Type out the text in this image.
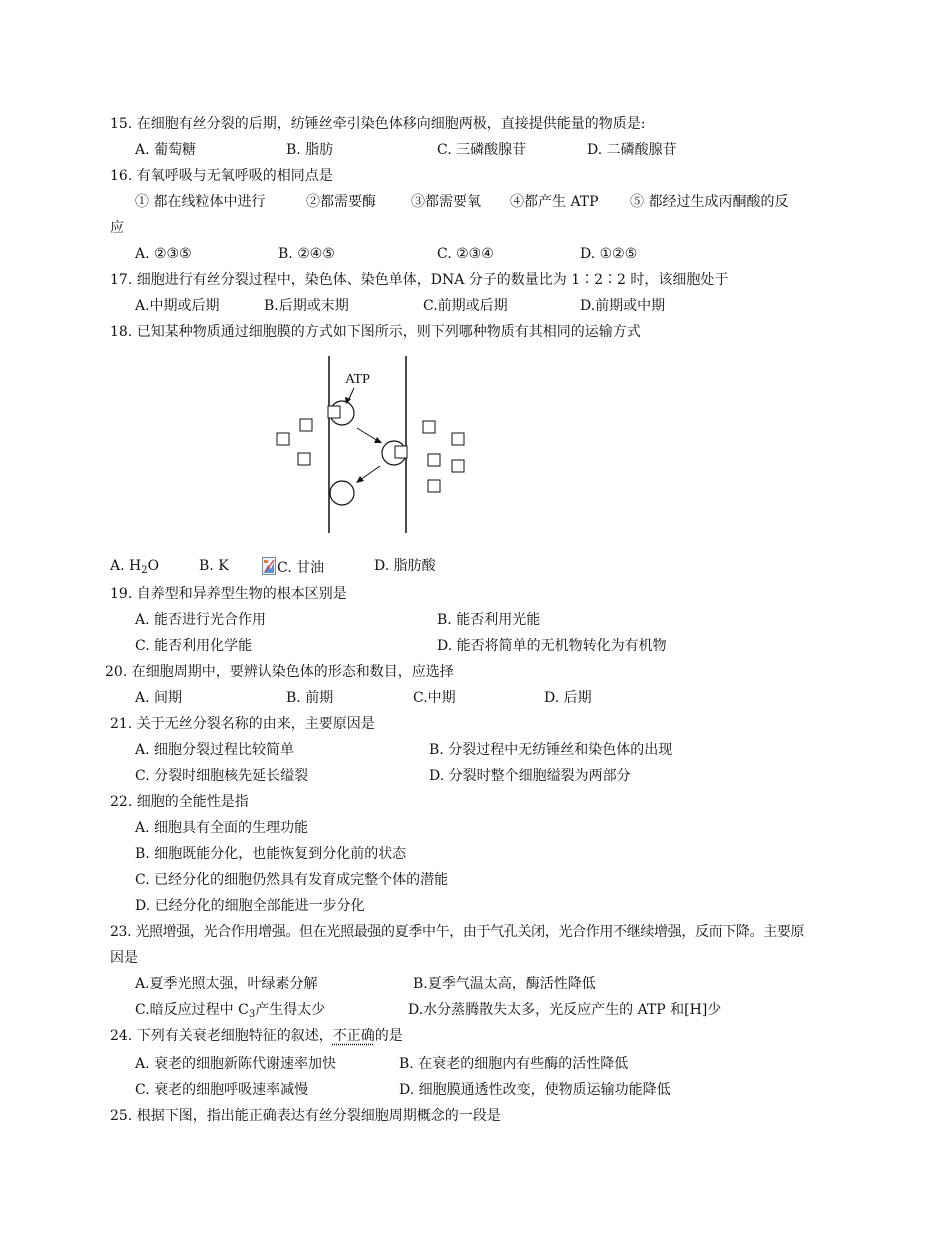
15. 在细胞有丝分裂的后期，纺锤丝牵引染色体移向细胞两极，直接提供能量的物质是:
A. 葡萄糖	B. 脂肪	C. 三磷酸腺苷	D. 二磷酸腺苷
16. 有氧呼吸与无氧呼吸的相同点是
① 都在线粒体中进行	②都需要酶	③都需要氧 ④都产生 ATP ⑤ 都经过生成丙酮酸的反
应
A. ②③⑤	B. ②④⑤	C. ②③④	D. ①②⑤
17. 细胞进行有丝分裂过程中，染色体、染色单体，DNA 分子的数量比为 1∶2∶2 时，该细胞处于
A.中期或后期	B.后期或末期	C.前期或后期	D.前期或中期
18. 已知某种物质通过细胞膜的方式如下图所示，则下列哪种物质有其相同的运输方式
ATP
A. $H_2O$	B. K	C. 甘油	D. 脂肪酸
19. 自养型和异养型生物的根本区别是
A. 能否进行光合作用	B. 能否利用光能
C. 能否利用化学能	D. 能否将简单的无机物转化为有机物
20. 在细胞周期中，要辨认染色体的形态和数目，应选择
A. 间期	B. 前期	C.中期	D. 后期
21. 关于无丝分裂名称的由来，主要原因是
A. 细胞分裂过程比较简单	B. 分裂过程中无纺锤丝和染色体的出现
C. 分裂时细胞核先延长缢裂	D. 分裂时整个细胞缢裂为两部分
22. 细胞的全能性是指
A. 细胞具有全面的生理功能
B. 细胞既能分化，也能恢复到分化前的状态
C. 已经分化的细胞仍然具有发育成完整个体的潜能
D. 已经分化的细胞全部能进一步分化
23. 光照增强，光合作用增强。但在光照最强的夏季中午，由于气孔关闭，光合作用不继续增强，反而下降。主要原
因是
A.夏季光照太强，叶绿素分解	B.夏季气温太高，酶活性降低
C.暗反应过程中 $C_3$产生得太少	D.水分蒸腾散失太多，光反应产生的 ATP 和[H]少
24. 下列有关衰老细胞特征的叙述，不正确的是
A. 衰老的细胞新陈代谢速率加快	B. 在衰老的细胞内有些酶的活性降低
C. 衰老的细胞呼吸速率减慢	D. 细胞膜通透性改变，使物质运输功能降低
25. 根据下图，指出能正确表达有丝分裂细胞周期概念的一段是
